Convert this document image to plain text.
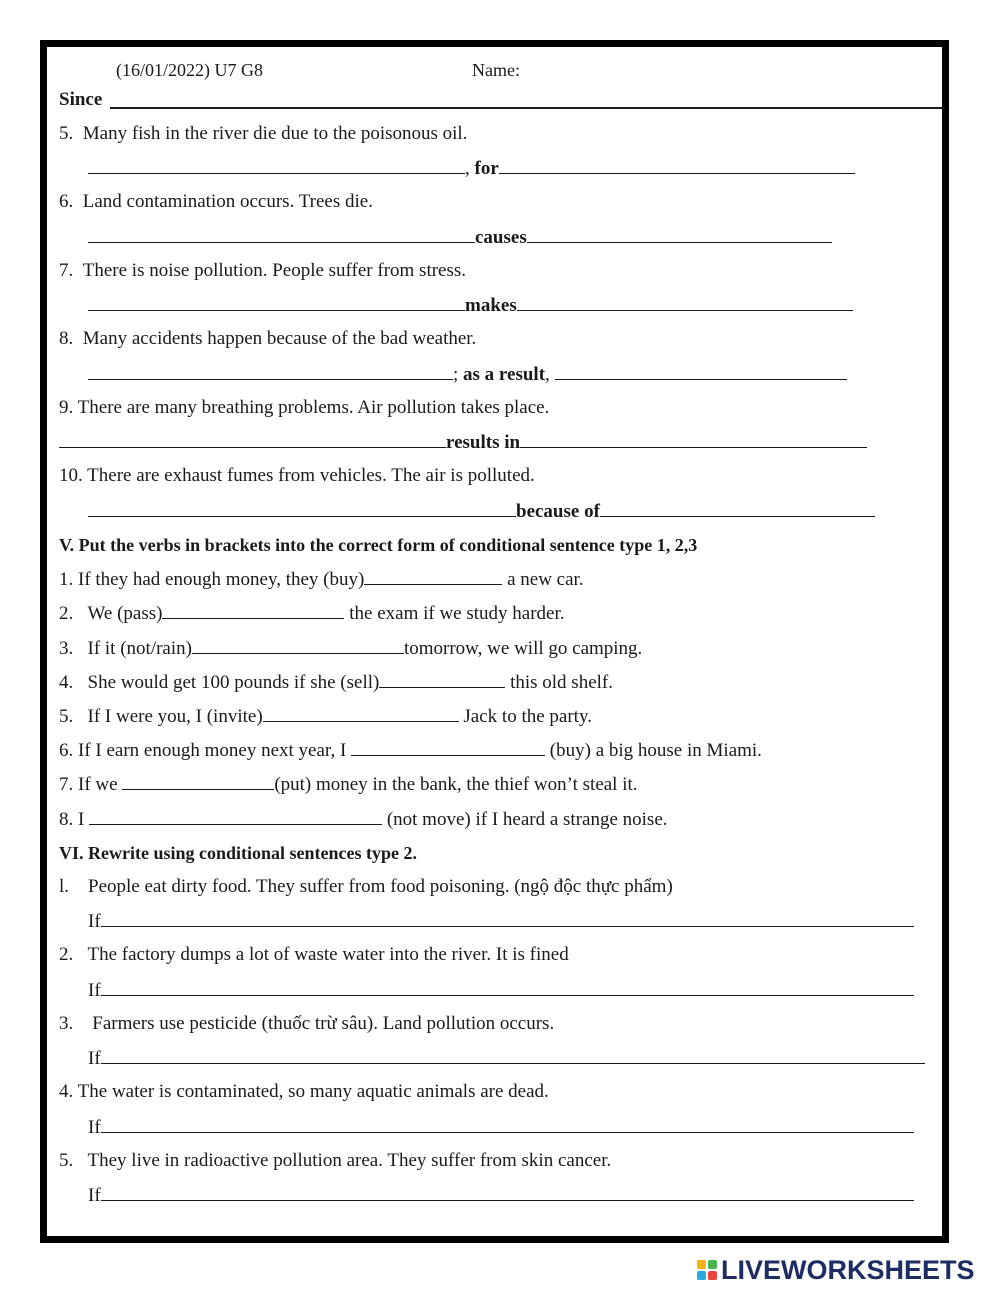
(16/01/2022) U7 G8	Name:
Since
5. Many fish in the river die due to the poisonous oil.
, for
6. Land contamination occurs. Trees die.
causes
7. There is noise pollution. People suffer from stress.
makes
8. Many accidents happen because of the bad weather.
; as a result,
9. There are many breathing problems. Air pollution takes place.
results in
10. There are exhaust fumes from vehicles. The air is polluted.
because of
V. Put the verbs in brackets into the correct form of conditional sentence type 1, 2,3
1. If they had enough money, they (buy)	a new car.
2. We (pass)	the exam if we study harder.
3. If it (not/rain)	tomorrow, we will go camping.
4. She would get 100 pounds if she (sell)	this old shelf.
5. If I were you, I (invite)	Jack to the party.
6. If I earn enough money next year, I	(buy) a big house in Miami.
7. If we	(put) money in the bank, the thief won’t steal it.
8. I	(not move) if I heard a strange noise.
VI. Rewrite using conditional sentences type 2.
l. People eat dirty food. They suffer from food poisoning. (ngộ độc thực phẩm)
If
2. The factory dumps a lot of waste water into the river. It is fined
If
3.    Farmers use pesticide (thuốc trừ sâu). Land pollution occurs.
If
4. The water is contaminated, so many aquatic animals are dead.
If
5. They live in radioactive pollution area. They suffer from skin cancer.
If
LIVEWORKSHEETS
